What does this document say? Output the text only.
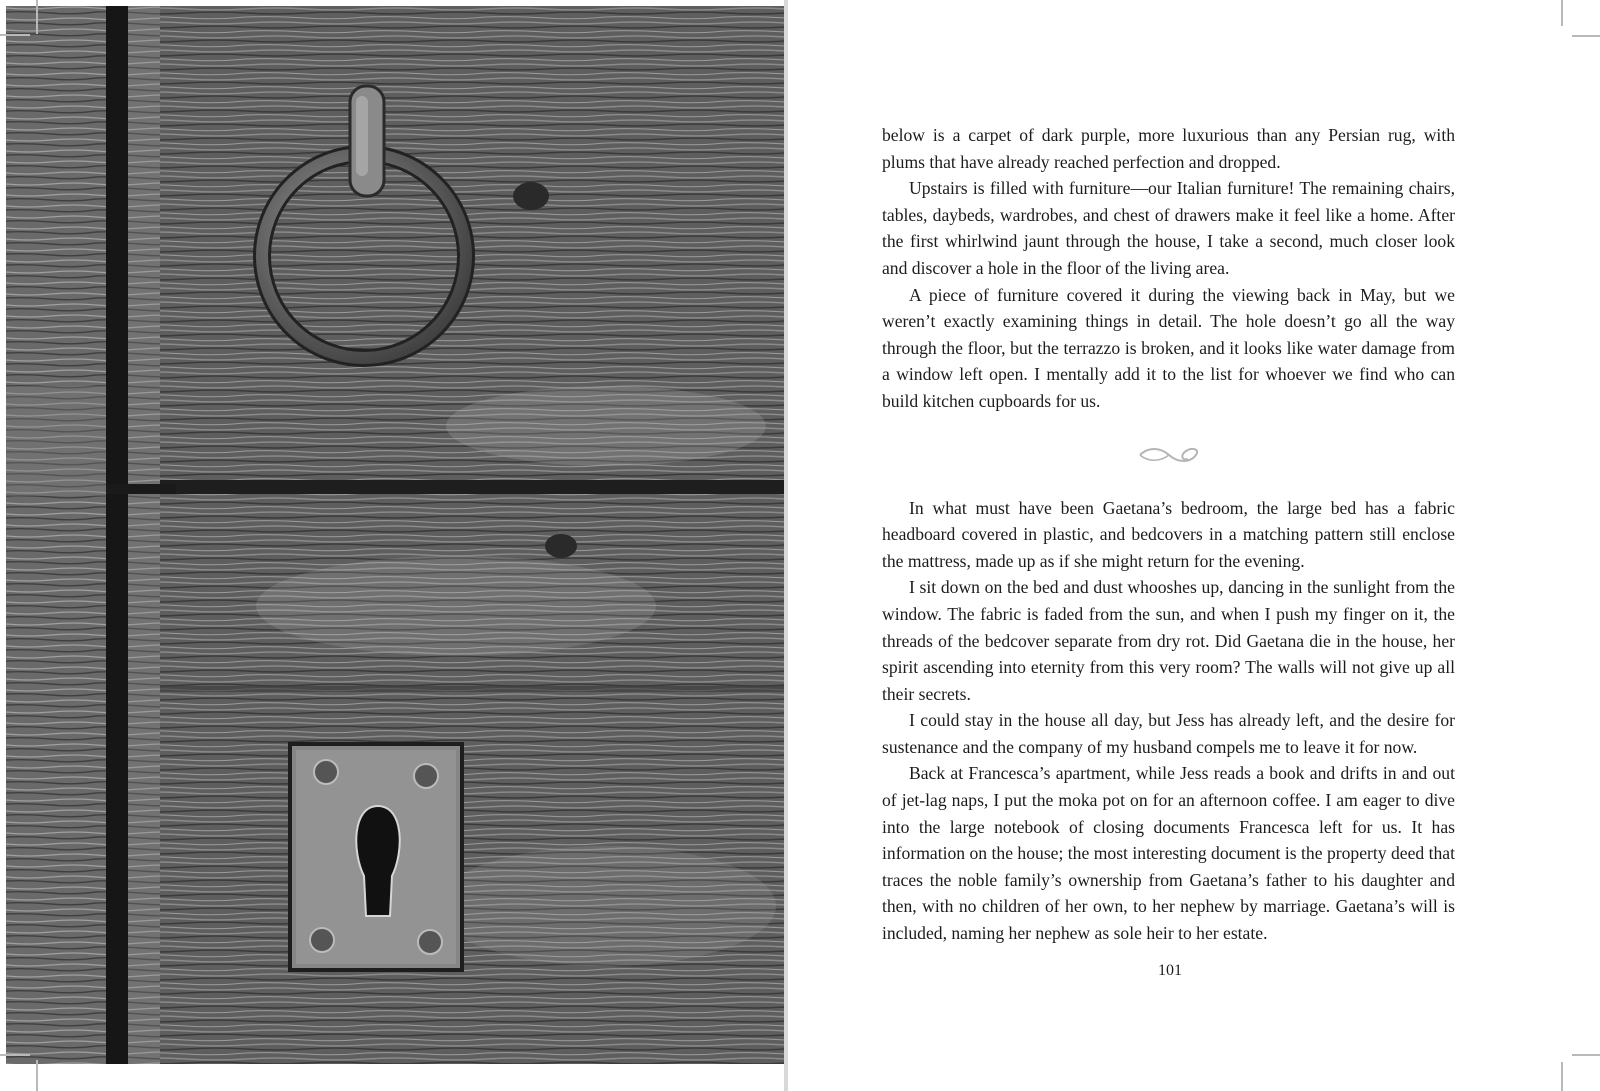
below is a carpet of dark purple, more luxurious than any Persian rug, with plums that have already reached perfection and dropped.

Upstairs is filled with furniture—our Italian furniture! The remaining chairs, tables, daybeds, wardrobes, and chest of drawers make it feel like a home. After the first whirlwind jaunt through the house, I take a second, much closer look and discover a hole in the floor of the living area.

A piece of furniture covered it during the viewing back in May, but we weren’t exactly examining things in detail. The hole doesn’t go all the way through the floor, but the terrazzo is broken, and it looks like water damage from a window left open. I mentally add it to the list for whoever we find who can build kitchen cupboards for us.

In what must have been Gaetana’s bedroom, the large bed has a fabric headboard covered in plastic, and bedcovers in a matching pattern still enclose the mattress, made up as if she might return for the evening.

I sit down on the bed and dust whooshes up, dancing in the sunlight from the window. The fabric is faded from the sun, and when I push my finger on it, the threads of the bedcover separate from dry rot. Did Gaetana die in the house, her spirit ascending into eternity from this very room? The walls will not give up all their secrets.

I could stay in the house all day, but Jess has already left, and the desire for sustenance and the company of my husband compels me to leave it for now.

Back at Francesca’s apartment, while Jess reads a book and drifts in and out of jet-lag naps, I put the moka pot on for an afternoon coffee. I am eager to dive into the large notebook of closing documents Francesca left for us. It has information on the house; the most interesting document is the property deed that traces the noble family’s ownership from Gaetana’s father to his daughter and then, with no children of her own, to her nephew by marriage. Gaetana’s will is included, naming her nephew as sole heir to her estate.

101
